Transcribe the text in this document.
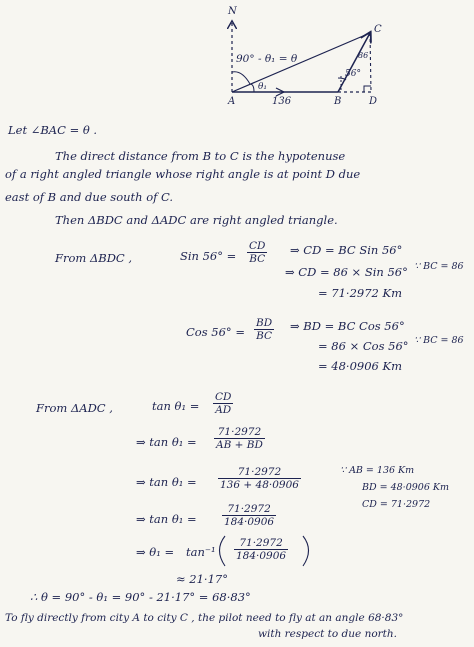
N
90° - θ₁ = θ
θ₁
56°
86
136
A	B
C
D
Let ∠BAC = θ .
The direct distance from B to C is the hypotenuse
of a right angled triangle whose right angle is at point D due
east of B and due south of C.
Then ΔBDC and ΔADC are right angled triangle.
From ΔBDC ,	Sin $56^\circ = \frac{CD}{BC}$ ⇒ CD = BC Sin 56°
⇒ CD = 86 × Sin 56° ∵ BC = 86
= 71·2972 Km
Cos $56^\circ = \frac{BD}{BC}$ ⇒ BD = BC Cos 56°
= 86 × Cos 56° ∵ BC = 86
= 48·0906 Km
From ΔADC ,	$\tan \theta_1 = \frac{CD}{AD}$
⇒ $\tan \theta_1 = \frac{71\cdot 2972}{AB + BD}$
⇒ $\tan \theta_1 = \frac{71\cdot 2972}{136 + 48\cdot 0906}$
⇒ $\tan \theta_1 = \frac{71\cdot 2972}{184\cdot 0906}$
⇒ $\theta_1 = \tan^{-1} \frac{71\cdot 2972}{184\cdot 0906}$
≈ 21·17°
∵ AB = 136 Km
BD = 48·0906 Km
CD = 71·2972
∴ θ = 90° - θ₁ = 90° - 21·17° = 68·83°
To fly directly from city A to city C , the pilot need to fly at an angle 68·83°
with respect to due north.
